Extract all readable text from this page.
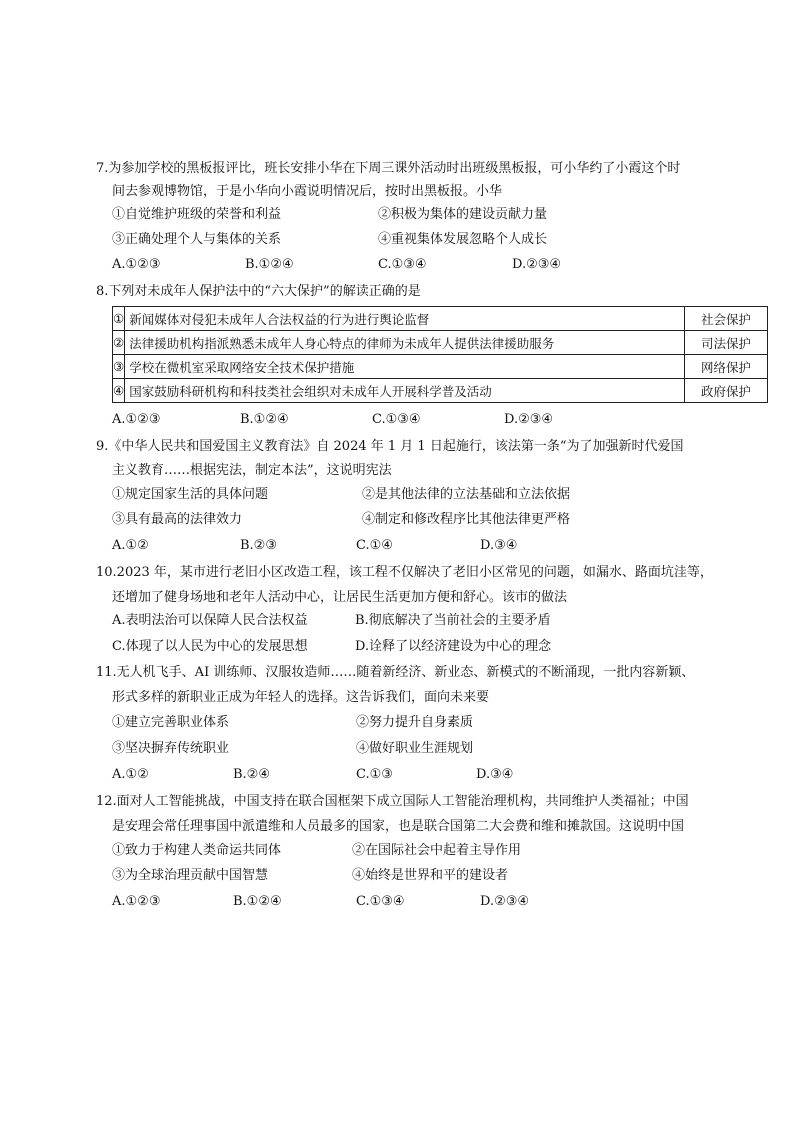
7.为参加学校的黑板报评比，班长安排小华在下周三课外活动时出班级黑板报，可小华约了小霞这个时
间去参观博物馆，于是小华向小霞说明情况后，按时出黑板报。小华
①自觉维护班级的荣誉和利益	②积极为集体的建设贡献力量
③正确处理个人与集体的关系	④重视集体发展忽略个人成长
A.①②③	B.①②④	C.①③④	D.②③④
8.下列对未成年人保护法中的“六大保护”的解读正确的是
①	新闻媒体对侵犯未成年人合法权益的行为进行舆论监督	社会保护
②	法律援助机构指派熟悉未成年人身心特点的律师为未成年人提供法律援助服务	司法保护
③	学校在微机室采取网络安全技术保护措施	网络保护
④	国家鼓励科研机构和科技类社会组织对未成年人开展科学普及活动	政府保护
A.①②③	B.①②④	C.①③④	D.②③④
9.《中华人民共和国爱国主义教育法》自 2024 年 1 月 1 日起施行，该法第一条“为了加强新时代爱国
主义教育……根据宪法，制定本法”，这说明宪法
①规定国家生活的具体问题	②是其他法律的立法基础和立法依据
③具有最高的法律效力	④制定和修改程序比其他法律更严格
A.①②	B.②③	C.①④	D.③④
10.2023 年，某市进行老旧小区改造工程，该工程不仅解决了老旧小区常见的问题，如漏水、路面坑洼等，
还增加了健身场地和老年人活动中心，让居民生活更加方便和舒心。该市的做法
A.表明法治可以保障人民合法权益	B.彻底解决了当前社会的主要矛盾
C.体现了以人民为中心的发展思想	D.诠释了以经济建设为中心的理念
11.无人机飞手、AI 训练师、汉服妆造师……随着新经济、新业态、新模式的不断涌现，一批内容新颖、
形式多样的新职业正成为年轻人的选择。这告诉我们，面向未来要
①建立完善职业体系	②努力提升自身素质
③坚决摒弃传统职业	④做好职业生涯规划
A.①②	B.②④	C.①③	D.③④
12.面对人工智能挑战，中国支持在联合国框架下成立国际人工智能治理机构，共同维护人类福祉；中国
是安理会常任理事国中派遣维和人员最多的国家，也是联合国第二大会费和维和摊款国。这说明中国
①致力于构建人类命运共同体	②在国际社会中起着主导作用
③为全球治理贡献中国智慧	④始终是世界和平的建设者
A.①②③	B.①②④	C.①③④	D.②③④
